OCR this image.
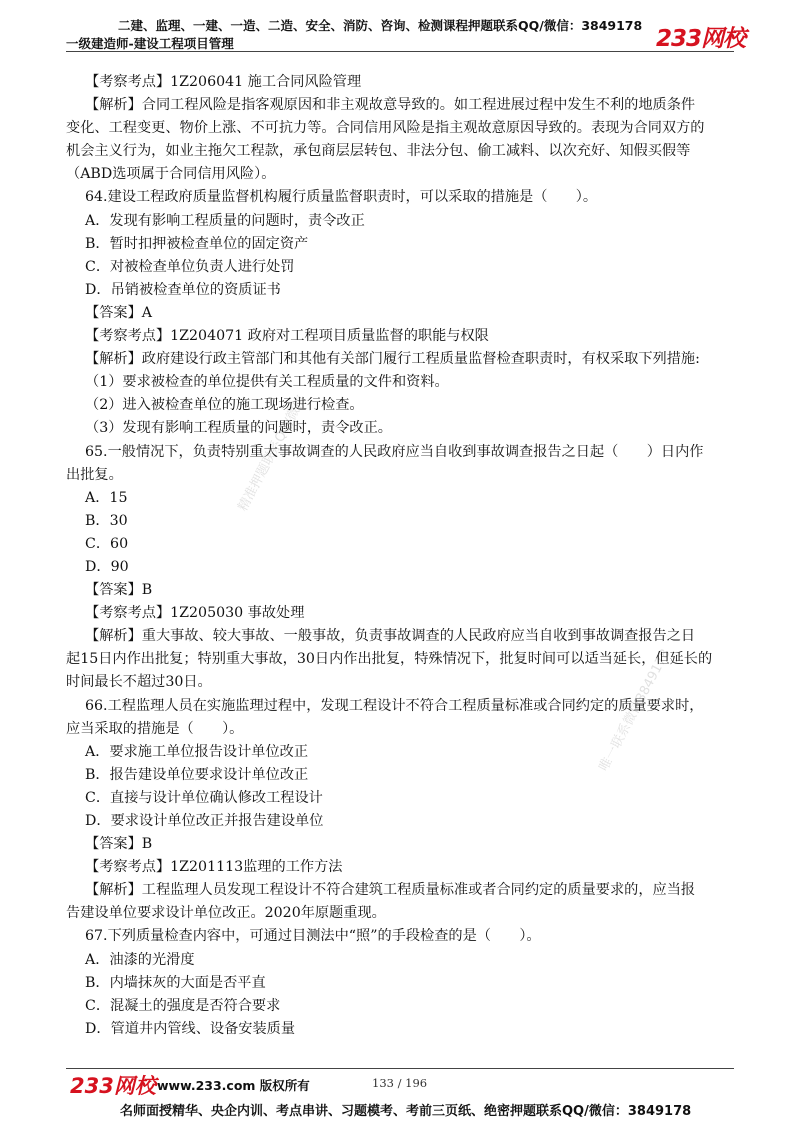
二建、监理、一建、一造、二造、安全、消防、咨询、检测课程押题联系QQ/微信：3849178
一级建造师-建设工程项目管理	233网校
精准押题联系QQ/微信
唯一联系微信3849178

【考察考点】1Z206041 施工合同风险管理

【解析】合同工程风险是指客观原因和非主观故意导致的。如工程进展过程中发生不利的地质条件

变化、工程变更、物价上涨、不可抗力等。合同信用风险是指主观故意原因导致的。表现为合同双方的

机会主义行为，如业主拖欠工程款，承包商层层转包、非法分包、偷工减料、以次充好、知假买假等

（ABD选项属于合同信用风险）。

64.建设工程政府质量监督机构履行质量监督职责时，可以采取的措施是（　　）。

A．发现有影响工程质量的问题时，责令改正

B．暂时扣押被检查单位的固定资产

C．对被检查单位负责人进行处罚

D．吊销被检查单位的资质证书

【答案】A

【考察考点】1Z204071 政府对工程项目质量监督的职能与权限

【解析】政府建设行政主管部门和其他有关部门履行工程质量监督检查职责时，有权采取下列措施:

（1）要求被检查的单位提供有关工程质量的文件和资料。

（2）进入被检查单位的施工现场进行检查。

（3）发现有影响工程质量的问题时，责令改正。

65.一般情况下，负责特别重大事故调查的人民政府应当自收到事故调查报告之日起（　　）日内作

出批复。

A．15

B．30

C．60

D．90

【答案】B

【考察考点】1Z205030 事故处理

【解析】重大事故、较大事故、一般事故，负责事故调查的人民政府应当自收到事故调查报告之日

起15日内作出批复；特别重大事故，30日内作出批复，特殊情况下，批复时间可以适当延长，但延长的

时间最长不超过30日。

66.工程监理人员在实施监理过程中，发现工程设计不符合工程质量标准或合同约定的质量要求时，

应当采取的措施是（　　）。

A．要求施工单位报告设计单位改正

B．报告建设单位要求设计单位改正

C．直接与设计单位确认修改工程设计

D．要求设计单位改正并报告建设单位

【答案】B

【考察考点】1Z201113监理的工作方法

【解析】工程监理人员发现工程设计不符合建筑工程质量标准或者合同约定的质量要求的，应当报

告建设单位要求设计单位改正。2020年原题重现。

67.下列质量检查内容中，可通过目测法中“照”的手段检查的是（　　）。

A．油漆的光滑度

B．内墙抹灰的大面是否平直

C．混凝土的强度是否符合要求

D．管道井内管线、设备安装质量

233网校 www.233.com 版权所有	133 / 196
名师面授精华、央企内训、考点串讲、习题模考、考前三页纸、绝密押题联系QQ/微信：3849178
